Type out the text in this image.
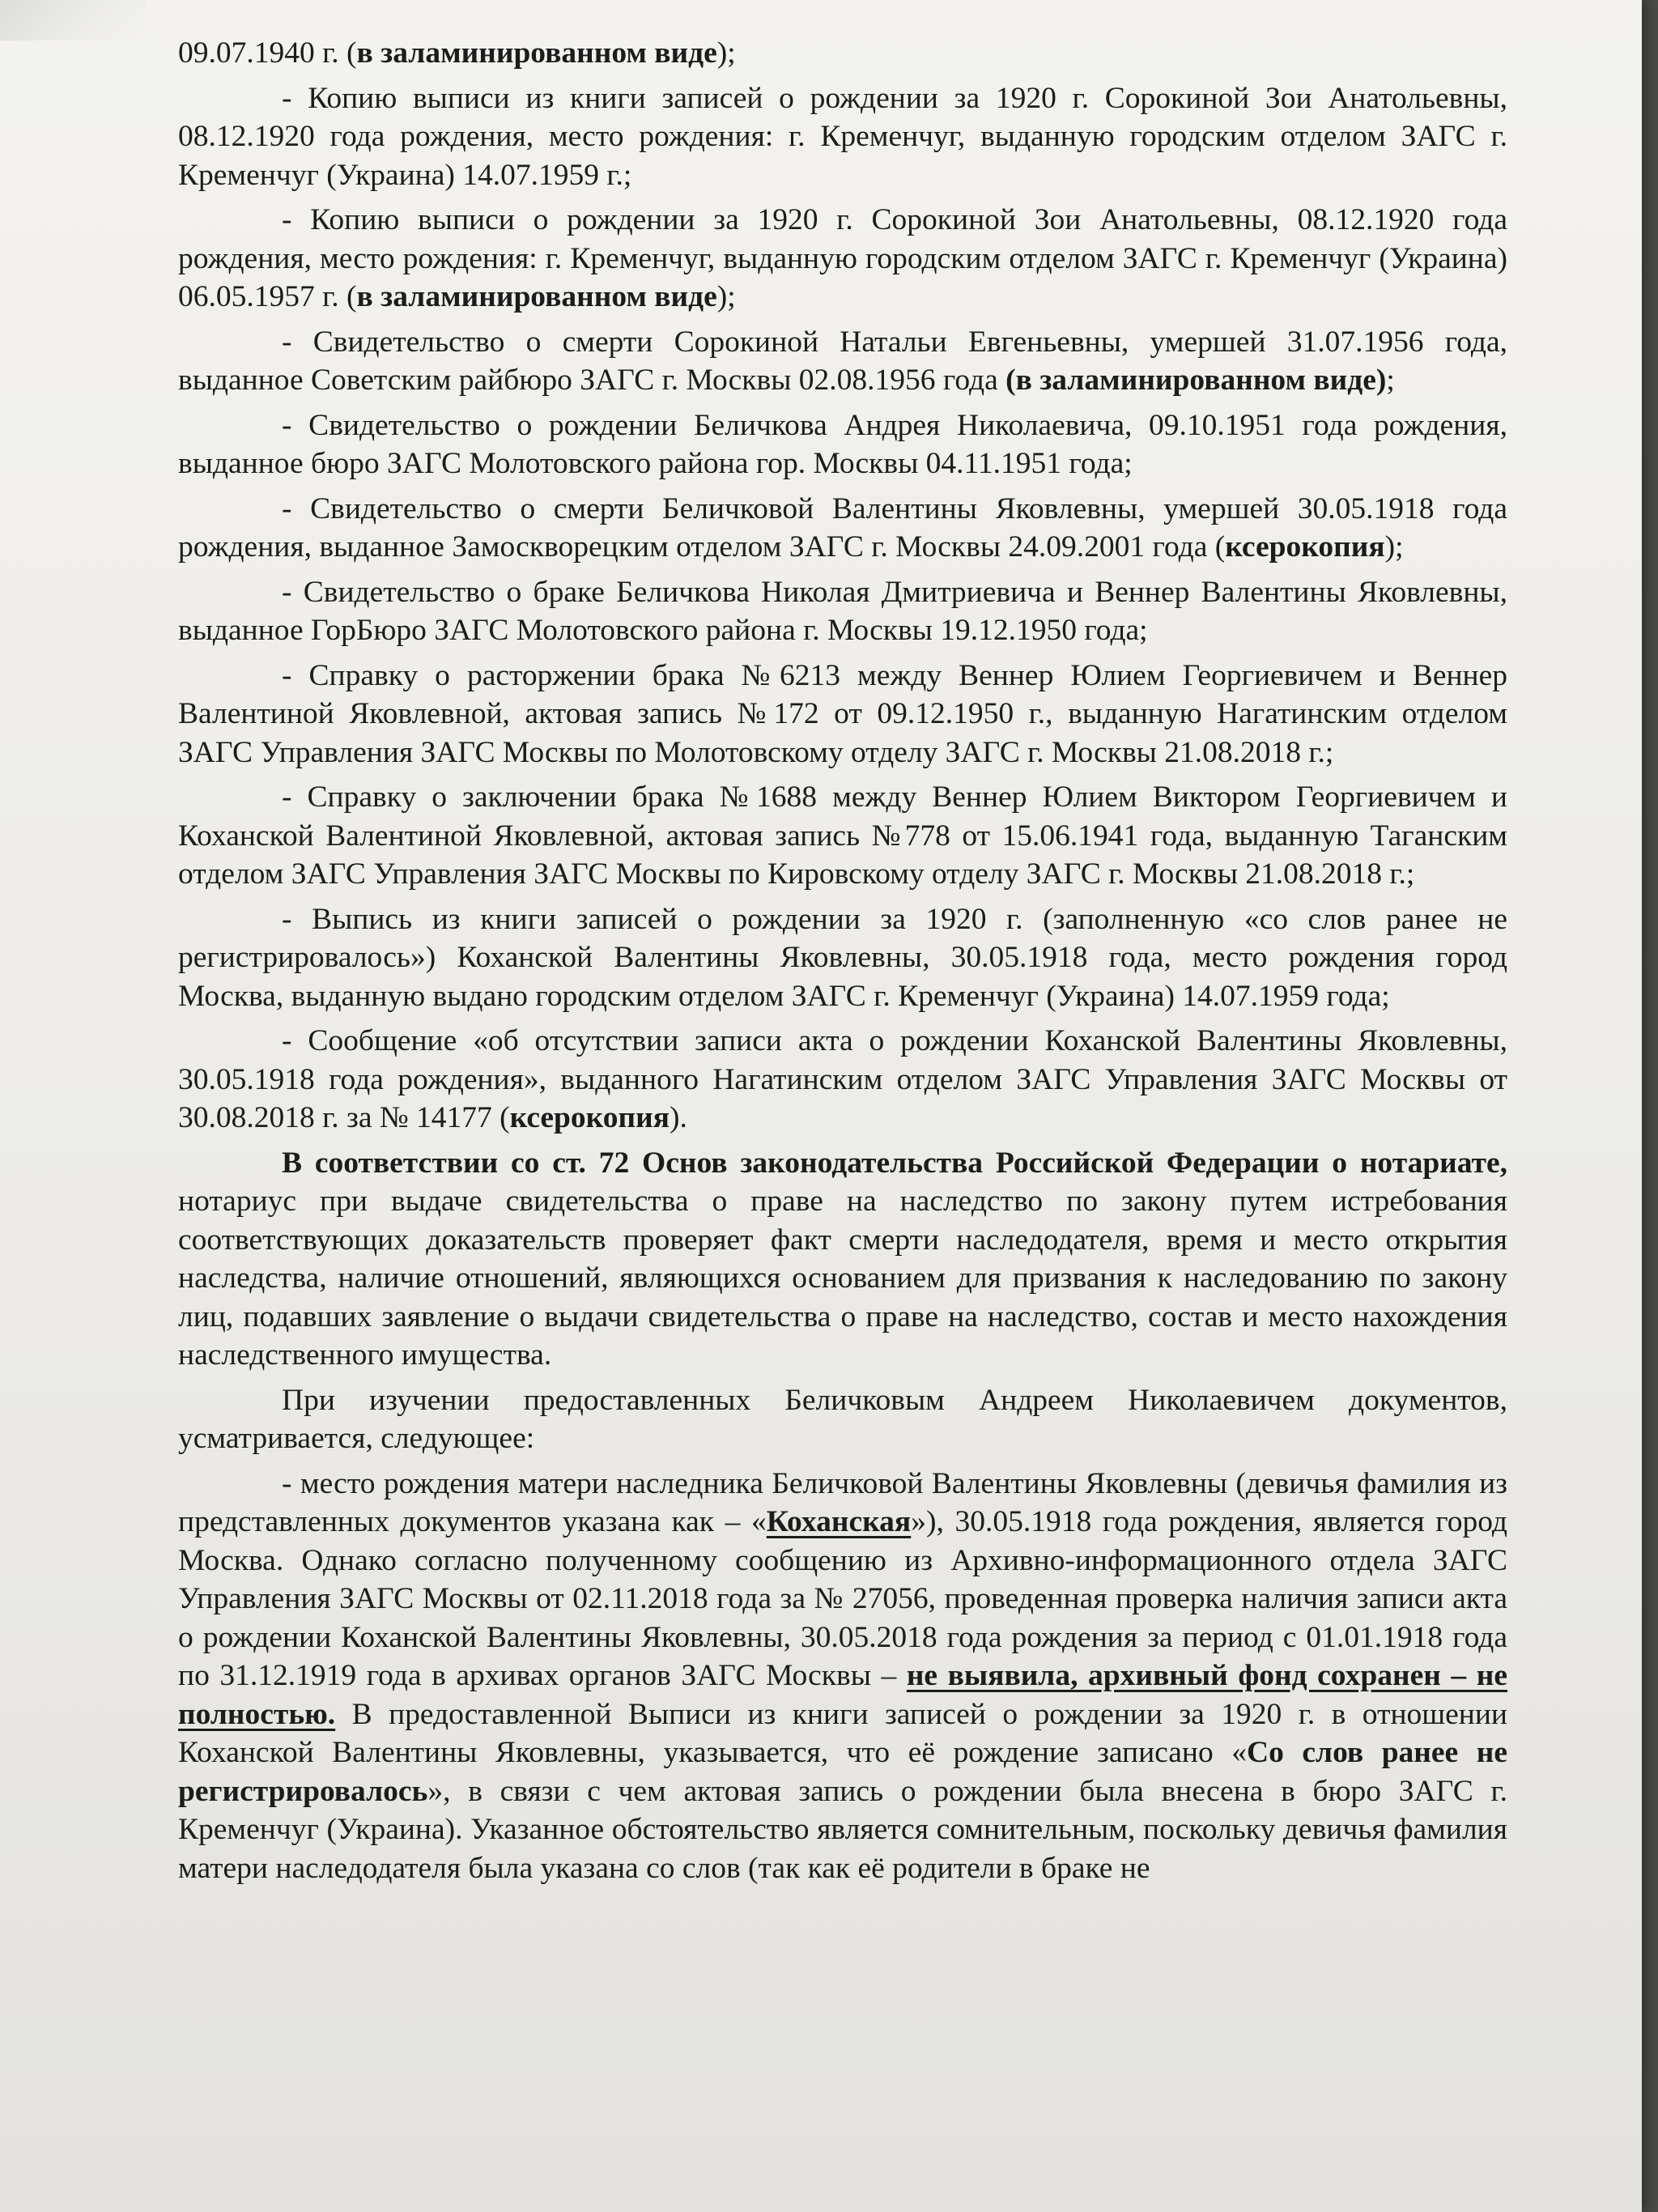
09.07.1940 г. (в заламинированном виде);

- Копию выписи из книги записей о рождении за 1920 г. Сорокиной Зои Анатольевны, 08.12.1920 года рождения, место рождения: г. Кременчуг, выданную городским отделом ЗАГС г. Кременчуг (Украина) 14.07.1959 г.;

- Копию выписи о рождении за 1920 г. Сорокиной Зои Анатольевны, 08.12.1920 года рождения, место рождения: г. Кременчуг, выданную городским отделом ЗАГС г. Кременчуг (Украина) 06.05.1957 г. (в заламинированном виде);

- Свидетельство о смерти Сорокиной Натальи Евгеньевны, умершей 31.07.1956 года, выданное Советским райбюро ЗАГС г. Москвы 02.08.1956 года (в заламинированном виде);

- Свидетельство о рождении Беличкова Андрея Николаевича, 09.10.1951 года рождения, выданное бюро ЗАГС Молотовского района гор. Москвы 04.11.1951 года;

- Свидетельство о смерти Беличковой Валентины Яковлевны, умершей 30.05.1918 года рождения, выданное Замоскворецким отделом ЗАГС г. Москвы 24.09.2001 года (ксерокопия);

- Свидетельство о браке Беличкова Николая Дмитриевича и Веннер Валентины Яковлевны, выданное ГорБюро ЗАГС Молотовского района г. Москвы 19.12.1950 года;

- Справку о расторжении брака №6213 между Веннер Юлием Георгиевичем и Веннер Валентиной Яковлевной, актовая запись №172 от 09.12.1950 г., выданную Нагатинским отделом ЗАГС Управления ЗАГС Москвы по Молотовскому отделу ЗАГС г. Москвы 21.08.2018 г.;

- Справку о заключении брака №1688 между Веннер Юлием Виктором Георгиевичем и Коханской Валентиной Яковлевной, актовая запись №778 от 15.06.1941 года, выданную Таганским отделом ЗАГС Управления ЗАГС Москвы по Кировскому отделу ЗАГС г. Москвы 21.08.2018 г.;

- Выпись из книги записей о рождении за 1920 г. (заполненную «со слов ранее не регистрировалось») Коханской Валентины Яковлевны, 30.05.1918 года, место рождения город Москва, выданную выдано городским отделом ЗАГС г. Кременчуг (Украина) 14.07.1959 года;

- Сообщение «об отсутствии записи акта о рождении Коханской Валентины Яковлевны, 30.05.1918 года рождения», выданного Нагатинским отделом ЗАГС Управления ЗАГС Москвы от 30.08.2018 г. за № 14177 (ксерокопия).

В соответствии со ст. 72 Основ законодательства Российской Федерации о нотариате, нотариус при выдаче свидетельства о праве на наследство по закону путем истребования соответствующих доказательств проверяет факт смерти наследодателя, время и место открытия наследства, наличие отношений, являющихся основанием для призвания к наследованию по закону лиц, подавших заявление о выдачи свидетельства о праве на наследство, состав и место нахождения наследственного имущества.

При изучении предоставленных Беличковым Андреем Николаевичем документов, усматривается, следующее:

- место рождения матери наследника Беличковой Валентины Яковлевны (девичья фамилия из представленных документов указана как – «Коханская»), 30.05.1918 года рождения, является город Москва. Однако согласно полученному сообщению из Архивно-информационного отдела ЗАГС Управления ЗАГС Москвы от 02.11.2018 года за № 27056, проведенная проверка наличия записи акта о рождении Коханской Валентины Яковлевны, 30.05.2018 года рождения за период с 01.01.1918 года по 31.12.1919 года в архивах органов ЗАГС Москвы – не выявила, архивный фонд сохранен – не полностью. В предоставленной Выписи из книги записей о рождении за 1920 г. в отношении Коханской Валентины Яковлевны, указывается, что её рождение записано «Со слов ранее не регистрировалось», в связи с чем актовая запись о рождении была внесена в бюро ЗАГС г. Кременчуг (Украина). Указанное обстоятельство является сомнительным, поскольку девичья фамилия матери наследодателя была указана со слов (так как её родители в браке не
